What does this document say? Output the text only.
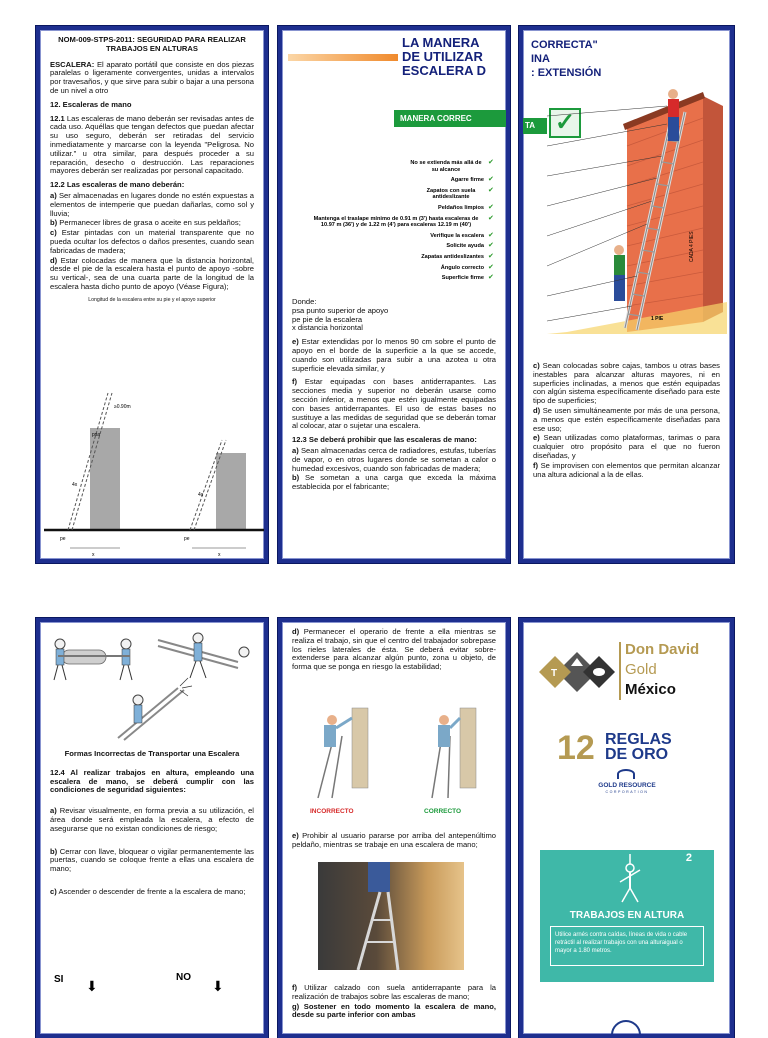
NOM-009-STPS-2011: SEGURIDAD PARA REALIZAR TRABAJOS EN ALTURAS

ESCALERA: El aparato portátil que consiste en dos piezas paralelas o ligeramente convergentes, unidas a intervalos por travesaños, y que sirve para subir o bajar a una persona de un nivel a otro

12. Escaleras de mano

12.1 Las escaleras de mano deberán ser revisadas antes de cada uso. Aquéllas que tengan defectos que puedan afectar su uso seguro, deberán ser retiradas del servicio inmediatamente y marcarse con la leyenda "Peligrosa. No utilizar." u otra similar, para después proceder a su reparación, desecho o destrucción. Las reparaciones mayores deberán ser realizadas por personal capacitado.

12.2 Las escaleras de mano deberán:

a) Ser almacenadas en lugares donde no estén expuestas a elementos de intemperie que puedan dañarlas, como sol y lluvia;

b) Permanecer libres de grasa o aceite en sus peldaños;

c) Estar pintadas con un material transparente que no pueda ocultar los defectos o daños presentes, cuando sean fabricadas de madera;

d) Estar colocadas de manera que la distancia horizontal, desde el pie de la escalera hasta el punto de apoyo -sobre su vertical-, sea de una cuarta parte de la longitud de la escalera hasta dicho punto de apoyo (Véase Figura);

Longitud de la escalera entre su pie y el apoyo superior
≥0.90m
psa
4x
4x
pe	pe
x	x
LA MANERA
DE UTILIZAR
ESCALERA D
MANERA CORREC
No se extienda más allá de su alcance
✔
Agarre firme ✔
Zapatos con suela antideslizante
✔
Peldaños limpios ✔
Mantenga el traslape mínimo de 0.91 m (3') hasta escaleras de 10.97 m (36') y de 1.22 m (4') para escaleras 12.19 m (40')
✔
Verifique la escalera ✔
Solicite ayuda ✔
Zapatas antideslizantes ✔
Ángulo correcto ✔
Superficie firme ✔
Donde:
psa punto superior de apoyo
pe pie de la escalera
x distancia horizontal

e) Estar extendidas por lo menos 90 cm sobre el punto de apoyo en el borde de la superficie a la que se accede, cuando son utilizadas para subir a una azotea u otra superficie elevada similar, y

f) Estar equipadas con bases antiderrapantes. Las secciones media y superior no deberán usarse como sección inferior, a menos que estén igualmente equipadas con bases antiderrapantes. El uso de estas bases no sustituye a las medidas de seguridad que se deberán tomar al colocar, atar o sujetar una escalera.

12.3 Se deberá prohibir que las escaleras de mano:

a) Sean almacenadas cerca de radiadores, estufas, tuberías de vapor, o en otros lugares donde se sometan a calor o humedad excesivos, cuando son fabricadas de madera;

b) Se sometan a una carga que exceda la máxima establecida por el fabricante;

CORRECTA"
INA
: EXTENSIÓN
TA ✓
CADA 4 PIES
1 PIE

c) Sean colocadas sobre cajas, tambos u otras bases inestables para alcanzar alturas mayores, ni en superficies inclinadas, a menos que estén equipadas con algún sistema específicamente diseñado para este tipo de superficies;

d) Se usen simultáneamente por más de una persona, a menos que estén específicamente diseñadas para ese uso;

e) Sean utilizadas como plataformas, tarimas o para cualquier otro propósito para el que no fueron diseñadas, y

f) Se improvisen con elementos que permitan alcanzar una altura adicional a la de ellas.

Formas Incorrectas de Transportar una Escalera

12.4 Al realizar trabajos en altura, empleando una escalera de mano, se deberá cumplir con las condiciones de seguridad siguientes:

a) Revisar visualmente, en forma previa a su utilización, el área donde será empleada la escalera, a efecto de asegurarse que no existan condiciones de riesgo;

b) Cerrar con llave, bloquear o vigilar permanentemente las puertas, cuando se coloque frente a ellas una escalera de mano;

c) Ascender o descender de frente a la escalera de mano;

SI	NO
⬇	⬇

d) Permanecer el operario de frente a ella mientras se realiza el trabajo, sin que el centro del trabajador sobrepase los rieles laterales de ésta. Se deberá evitar sobre-extenderse para alcanzar algún punto, zona u objeto, de forma que se ponga en riesgo la estabilidad;

INCORRECTO	CORRECTO

e) Prohibir al usuario pararse por arriba del antepenúltimo peldaño, mientras se trabaje en una escalera de mano;

f) Utilizar calzado con suela antiderrapante para la realización de trabajos sobre las escaleras de mano;

g) Sostener en todo momento la escalera de mano, desde su parte inferior con ambas

T
Don David
Gold
México
12 REGLAS
DE ORO
GOLD RESOURCE
CORPORATION
2
TRABAJOS EN ALTURA
Utilice arnés contra caídas, líneas de vida o cable retráctil al realizar trabajos con una alturaigual o mayor a 1.80 metros.
